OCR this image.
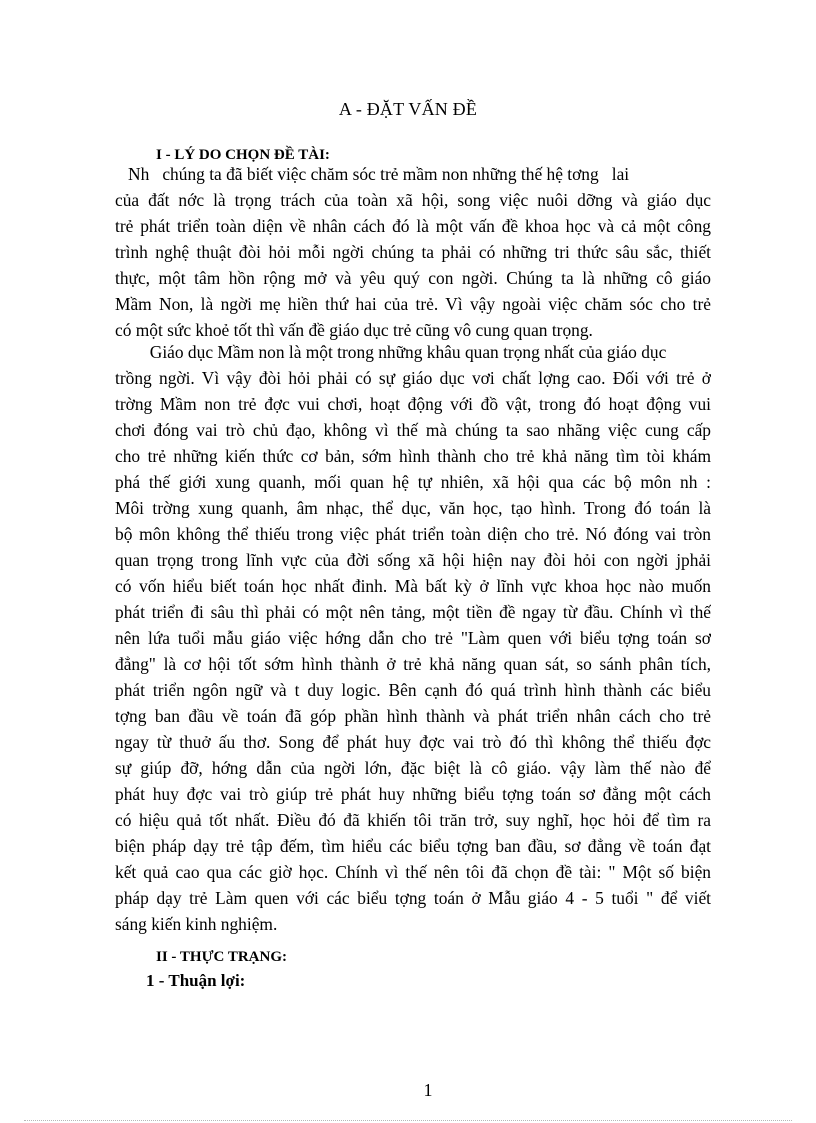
A - ĐẶT VẤN ĐỀ
I - LÝ DO CHỌN ĐỀ TÀI:
Nh   chúng ta đã biết việc chăm sóc trẻ mầm non những thế hệ tơng   lai
của đất nớc là trọng trách của toàn xã hội, song việc nuôi dỡng và giáo dục
trẻ phát triển toàn diện về nhân cách đó là một vấn đề khoa học và cả một công
trình nghệ thuật đòi hỏi mỗi ngời chúng ta phải có những tri thức sâu sắc, thiết
thực, một tâm hồn rộng mở và yêu quý con ngời. Chúng ta là những cô giáo
Mầm Non, là ngời mẹ hiền thứ hai của trẻ. Vì vậy ngoài việc chăm sóc cho trẻ
có một sức khoẻ tốt thì vấn đề giáo dục trẻ cũng vô cung quan trọng.
Giáo dục Mầm non là một trong những khâu quan trọng nhất của giáo dục
trồng ngời. Vì vậy đòi hỏi phải có sự giáo dục vơi chất lợng cao. Đối với trẻ ở
trờng Mầm non trẻ đợc vui chơi, hoạt động với đồ vật, trong đó hoạt động vui
chơi đóng vai trò chủ đạo, không vì thế mà chúng ta sao nhãng việc cung cấp
cho trẻ những kiến thức cơ bản, sớm hình thành cho trẻ khả năng tìm tòi khám
phá thế giới xung quanh, mối quan hệ tự nhiên, xã hội qua các bộ môn nh :
Môi trờng xung quanh, âm nhạc, thể dục, văn học, tạo hình. Trong đó toán là
bộ môn không thể thiếu trong việc phát triển toàn diện cho trẻ. Nó đóng vai tròn
quan trọng trong lĩnh vực của đời sống xã hội hiện nay đòi hỏi con ngời jphải
có vốn hiểu biết toán học nhất đinh. Mà bất kỳ ở lĩnh vực khoa học nào muốn
phát triển đi sâu thì phải có một nên tảng, một tiền đề ngay từ đầu. Chính vì thế
nên lứa tuổi mẫu giáo việc hớng dẫn cho trẻ "Làm quen với biểu tợng toán sơ
đẳng" là cơ hội tốt sớm hình thành ở trẻ khả năng quan sát, so sánh phân tích,
phát triển ngôn ngữ và t duy logic. Bên cạnh đó quá trình hình thành các biểu
tợng ban đầu về toán đã góp phần hình thành và phát triển nhân cách cho trẻ
ngay từ thuở ấu thơ. Song để phát huy đợc vai trò đó thì không thể thiếu đợc
sự giúp đỡ, hớng dẫn của ngời lớn, đặc biệt là cô giáo. vậy làm thế nào để
phát huy đợc vai trò giúp trẻ phát huy những biểu tợng toán sơ đẳng một cách
có hiệu quả tốt nhất. Điều đó đã khiến tôi trăn trở, suy nghĩ, học hỏi để tìm ra
biện pháp dạy trẻ tập đếm, tìm hiểu các biểu tợng ban đầu, sơ đẳng về toán đạt
kết quả cao qua các giờ học. Chính vì thế nên tôi đã chọn đề tài: " Một số biện
pháp dạy trẻ Làm quen với các biểu tợng toán ở Mẫu giáo 4 - 5 tuổi " để viết
sáng kiến kinh nghiệm.
II - THỰC TRẠNG:
1 - Thuận lợi:
1
